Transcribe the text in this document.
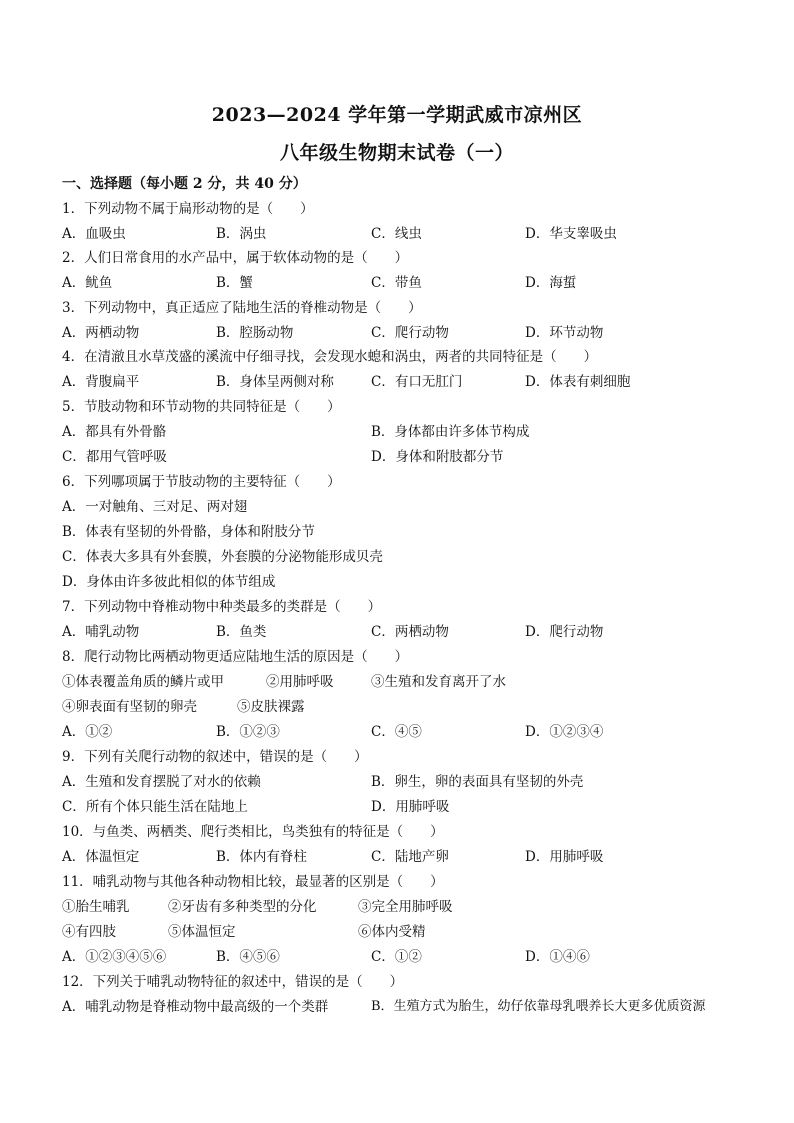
2023—2024 学年第一学期武威市凉州区
八年级生物期末试卷（一）
一、选择题（每小题 2 分，共 40 分）
1．下列动物不属于扁形动物的是（　　）
A．血吸虫	B．涡虫	C．线虫	D．华支睾吸虫
2．人们日常食用的水产品中，属于软体动物的是（　　）
A．鱿鱼	B．蟹	C．带鱼	D．海蜇
3．下列动物中，真正适应了陆地生活的脊椎动物是（　　）
A．两栖动物	B．腔肠动物	C．爬行动物	D．环节动物
4．在清澈且水草茂盛的溪流中仔细寻找，会发现水螅和涡虫，两者的共同特征是（　　）
A．背腹扁平	B．身体呈两侧对称	C．有口无肛门	D．体表有刺细胞
5．节肢动物和环节动物的共同特征是（　　）
A．都具有外骨骼	B．身体都由许多体节构成
C．都用气管呼吸	D．身体和附肢都分节
6．下列哪项属于节肢动物的主要特征（　　）
A．一对触角、三对足、两对翅
B．体表有坚韧的外骨骼，身体和附肢分节
C．体表大多具有外套膜，外套膜的分泌物能形成贝壳
D．身体由许多彼此相似的体节组成
7．下列动物中脊椎动物中种类最多的类群是（　　）
A．哺乳动物	B．鱼类	C．两栖动物	D．爬行动物
8．爬行动物比两栖动物更适应陆地生活的原因是（　　）
①体表覆盖角质的鳞片或甲	②用肺呼吸	③生殖和发育离开了水
④卵表面有坚韧的卵壳	⑤皮肤裸露
A．①②	B．①②③	C．④⑤	D．①②③④
9．下列有关爬行动物的叙述中，错误的是（　　）
A．生殖和发育摆脱了对水的依赖	B．卵生，卵的表面具有坚韧的外壳
C．所有个体只能生活在陆地上	D．用肺呼吸
10．与鱼类、两栖类、爬行类相比，鸟类独有的特征是（　　）
A．体温恒定	B．体内有脊柱	C．陆地产卵	D．用肺呼吸
11．哺乳动物与其他各种动物相比较，最显著的区别是（　　）
①胎生哺乳	②牙齿有多种类型的分化	③完全用肺呼吸
④有四肢	⑤体温恒定	⑥体内受精
A．①②③④⑤⑥	B．④⑤⑥	C．①②	D．①④⑥
12．下列关于哺乳动物特征的叙述中，错误的是（　　）
A．哺乳动物是脊椎动物中最高级的一个类群	B．生殖方式为胎生，幼仔依靠母乳喂养长大更多优质资源
